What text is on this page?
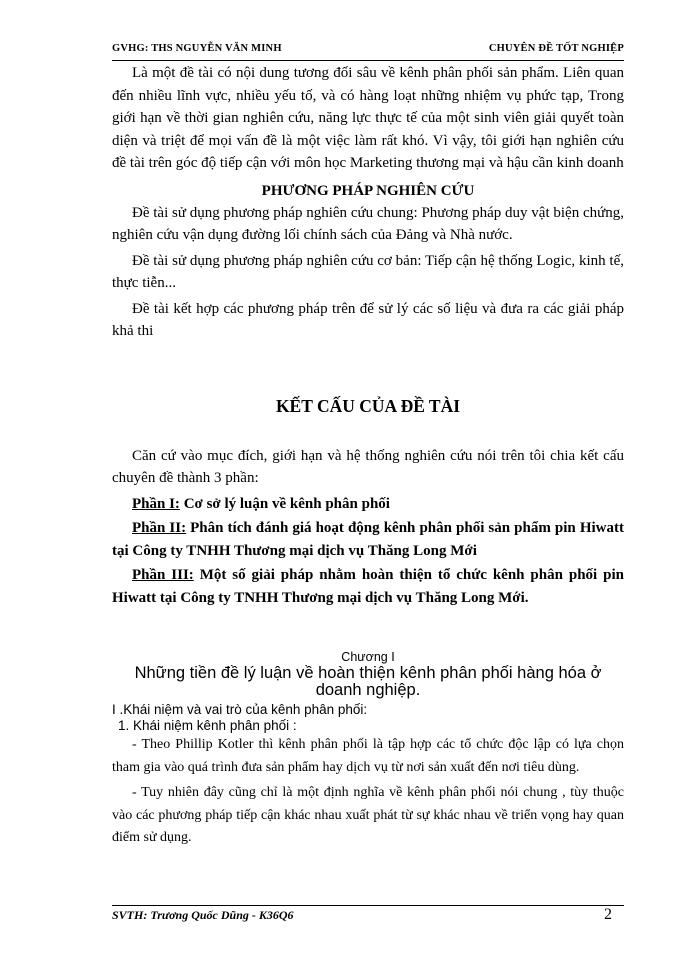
GVHG: THS NGUYỄN VĂN MINH	CHUYÊN ĐỀ TỐT NGHIỆP

Là một đề tài có nội dung tương đối sâu về kênh phân phối sản phẩm. Liên quan đến nhiều lĩnh vực, nhiều yếu tố, và có hàng loạt những nhiệm vụ phức tạp, Trong giới hạn về thời gian nghiên cứu, năng lực thực tế của một sinh viên giải quyết toàn diện và triệt để mọi vấn đề là một việc làm rất khó. Vì vậy, tôi giới hạn nghiên cứu đề tài trên góc độ tiếp cận với môn học Marketing thương mại và hậu cần kinh doanh

PHƯƠNG PHÁP NGHIÊN CỨU

Đề tài sử dụng phương pháp nghiên cứu chung: Phương pháp duy vật biện chứng, nghiên cứu vận dụng đường lối chính sách của Đảng và Nhà nước.

Đề tài sử dụng phương pháp nghiên cứu cơ bản: Tiếp cận hệ thống Logic, kinh tế, thực tiễn...

Đề tài kết hợp các phương pháp trên để sử lý các số liệu và đưa ra các giải pháp khả thi

KẾT CẤU CỦA ĐỀ TÀI

Căn cứ vào mục đích, giới hạn và hệ thống nghiên cứu nói trên tôi chia kết cấu chuyên đề thành 3 phần:

Phần I: Cơ sở lý luận về kênh phân phối

Phần II: Phân tích đánh giá hoạt động kênh phân phối sản phẩm pin Hiwatt tại Công ty TNHH Thương mại dịch vụ Thăng Long Mới

Phần III: Một số giải pháp nhằm hoàn thiện tổ chức kênh phân phối pin Hiwatt tại Công ty TNHH Thương mại dịch vụ Thăng Long Mới.

Chương I

Những tiền đề lý luận về hoàn thiện kênh phân phối hàng hóa ở doanh nghiệp.

I .Khái niệm và vai trò của kênh phân phối:

1. Khái niệm kênh phân phối :

- Theo Phillip Kotler thì kênh phân phối là tập hợp các tổ chức độc lập có lựa chọn tham gia vào quá trình đưa sản phẩm hay dịch vụ từ nơi sản xuất đến nơi tiêu dùng.

- Tuy nhiên đây cũng chỉ là một định nghĩa về kênh phân phối nói chung , tùy thuộc vào các phương pháp tiếp cận khác nhau xuất phát từ sự khác nhau về triển vọng hay quan điểm sử dụng.

SVTH: Trương Quốc Dũng - K36Q6	2
